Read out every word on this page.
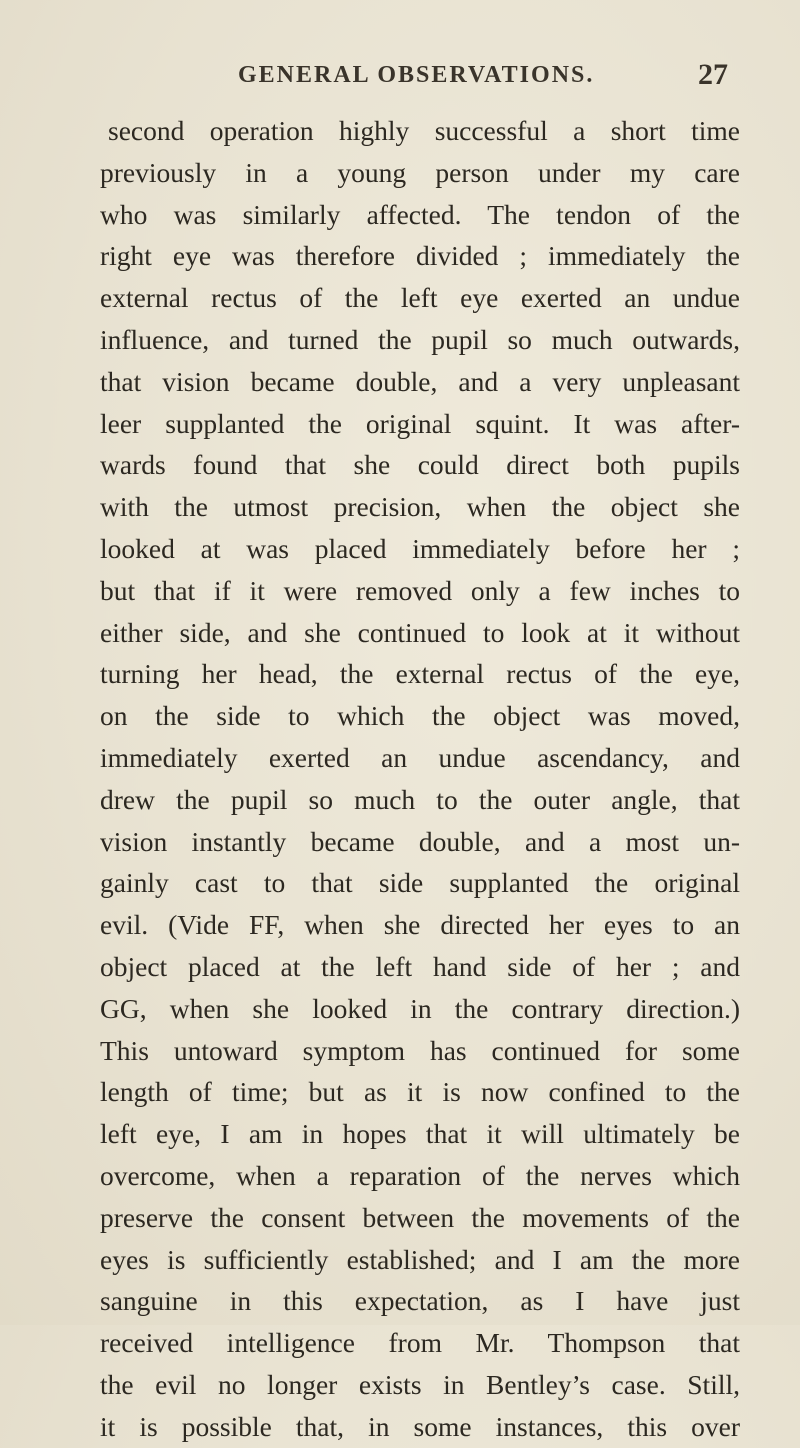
GENERAL OBSERVATIONS.	27
second operation highly successful a short time
previously in a young person under my care
who was similarly affected. The tendon of the
right eye was therefore divided ; immediately the
external rectus of the left eye exerted an undue
influence, and turned the pupil so much outwards,
that vision became double, and a very unpleasant
leer supplanted the original squint. It was after-
wards found that she could direct both pupils
with the utmost precision, when the object she
looked at was placed immediately before her ;
but that if it were removed only a few inches to
either side, and she continued to look at it without
turning her head, the external rectus of the eye,
on the side to which the object was moved,
immediately exerted an undue ascendancy, and
drew the pupil so much to the outer angle, that
vision instantly became double, and a most un-
gainly cast to that side supplanted the original
evil. (Vide FF, when she directed her eyes to an
object placed at the left hand side of her ; and
GG, when she looked in the contrary direction.)
This untoward symptom has continued for some
length of time; but as it is now confined to the
left eye, I am in hopes that it will ultimately be
overcome, when a reparation of the nerves which
preserve the consent between the movements of the
eyes is sufficiently established; and I am the more
sanguine in this expectation, as I have just
received intelligence from Mr. Thompson that
the evil no longer exists in Bentley’s case. Still,
it is possible that, in some instances, this over
